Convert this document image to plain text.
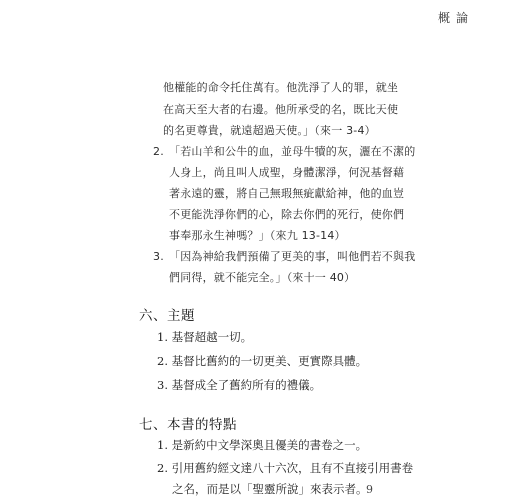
概論
他權能的命令托住萬有。他洗淨了人的罪，就坐
在高天至大者的右邊。他所承受的名，既比天使
的名更尊貴，就遠超過天使。」（來一 3-4）
2. 「若山羊和公牛的血，並母牛犢的灰，灑在不潔的
人身上，尚且叫人成聖，身體潔淨，何況基督藉
著永遠的靈，將自己無瑕無疵獻給神，他的血豈
不更能洗淨你們的心，除去你們的死行，使你們
事奉那永生神嗎？」（來九 13-14）
3. 「因為神給我們預備了更美的事，叫他們若不與我
們同得，就不能完全。」（來十一 40）
六、主題
1. 基督超越一切。
2. 基督比舊約的一切更美、更實際具體。
3. 基督成全了舊約所有的禮儀。
七、本書的特點
1. 是新約中文學深奧且優美的書卷之一。
2. 引用舊約經文達八十六次，且有不直接引用書卷
之名，而是以「聖靈所說」來表示者。
9
